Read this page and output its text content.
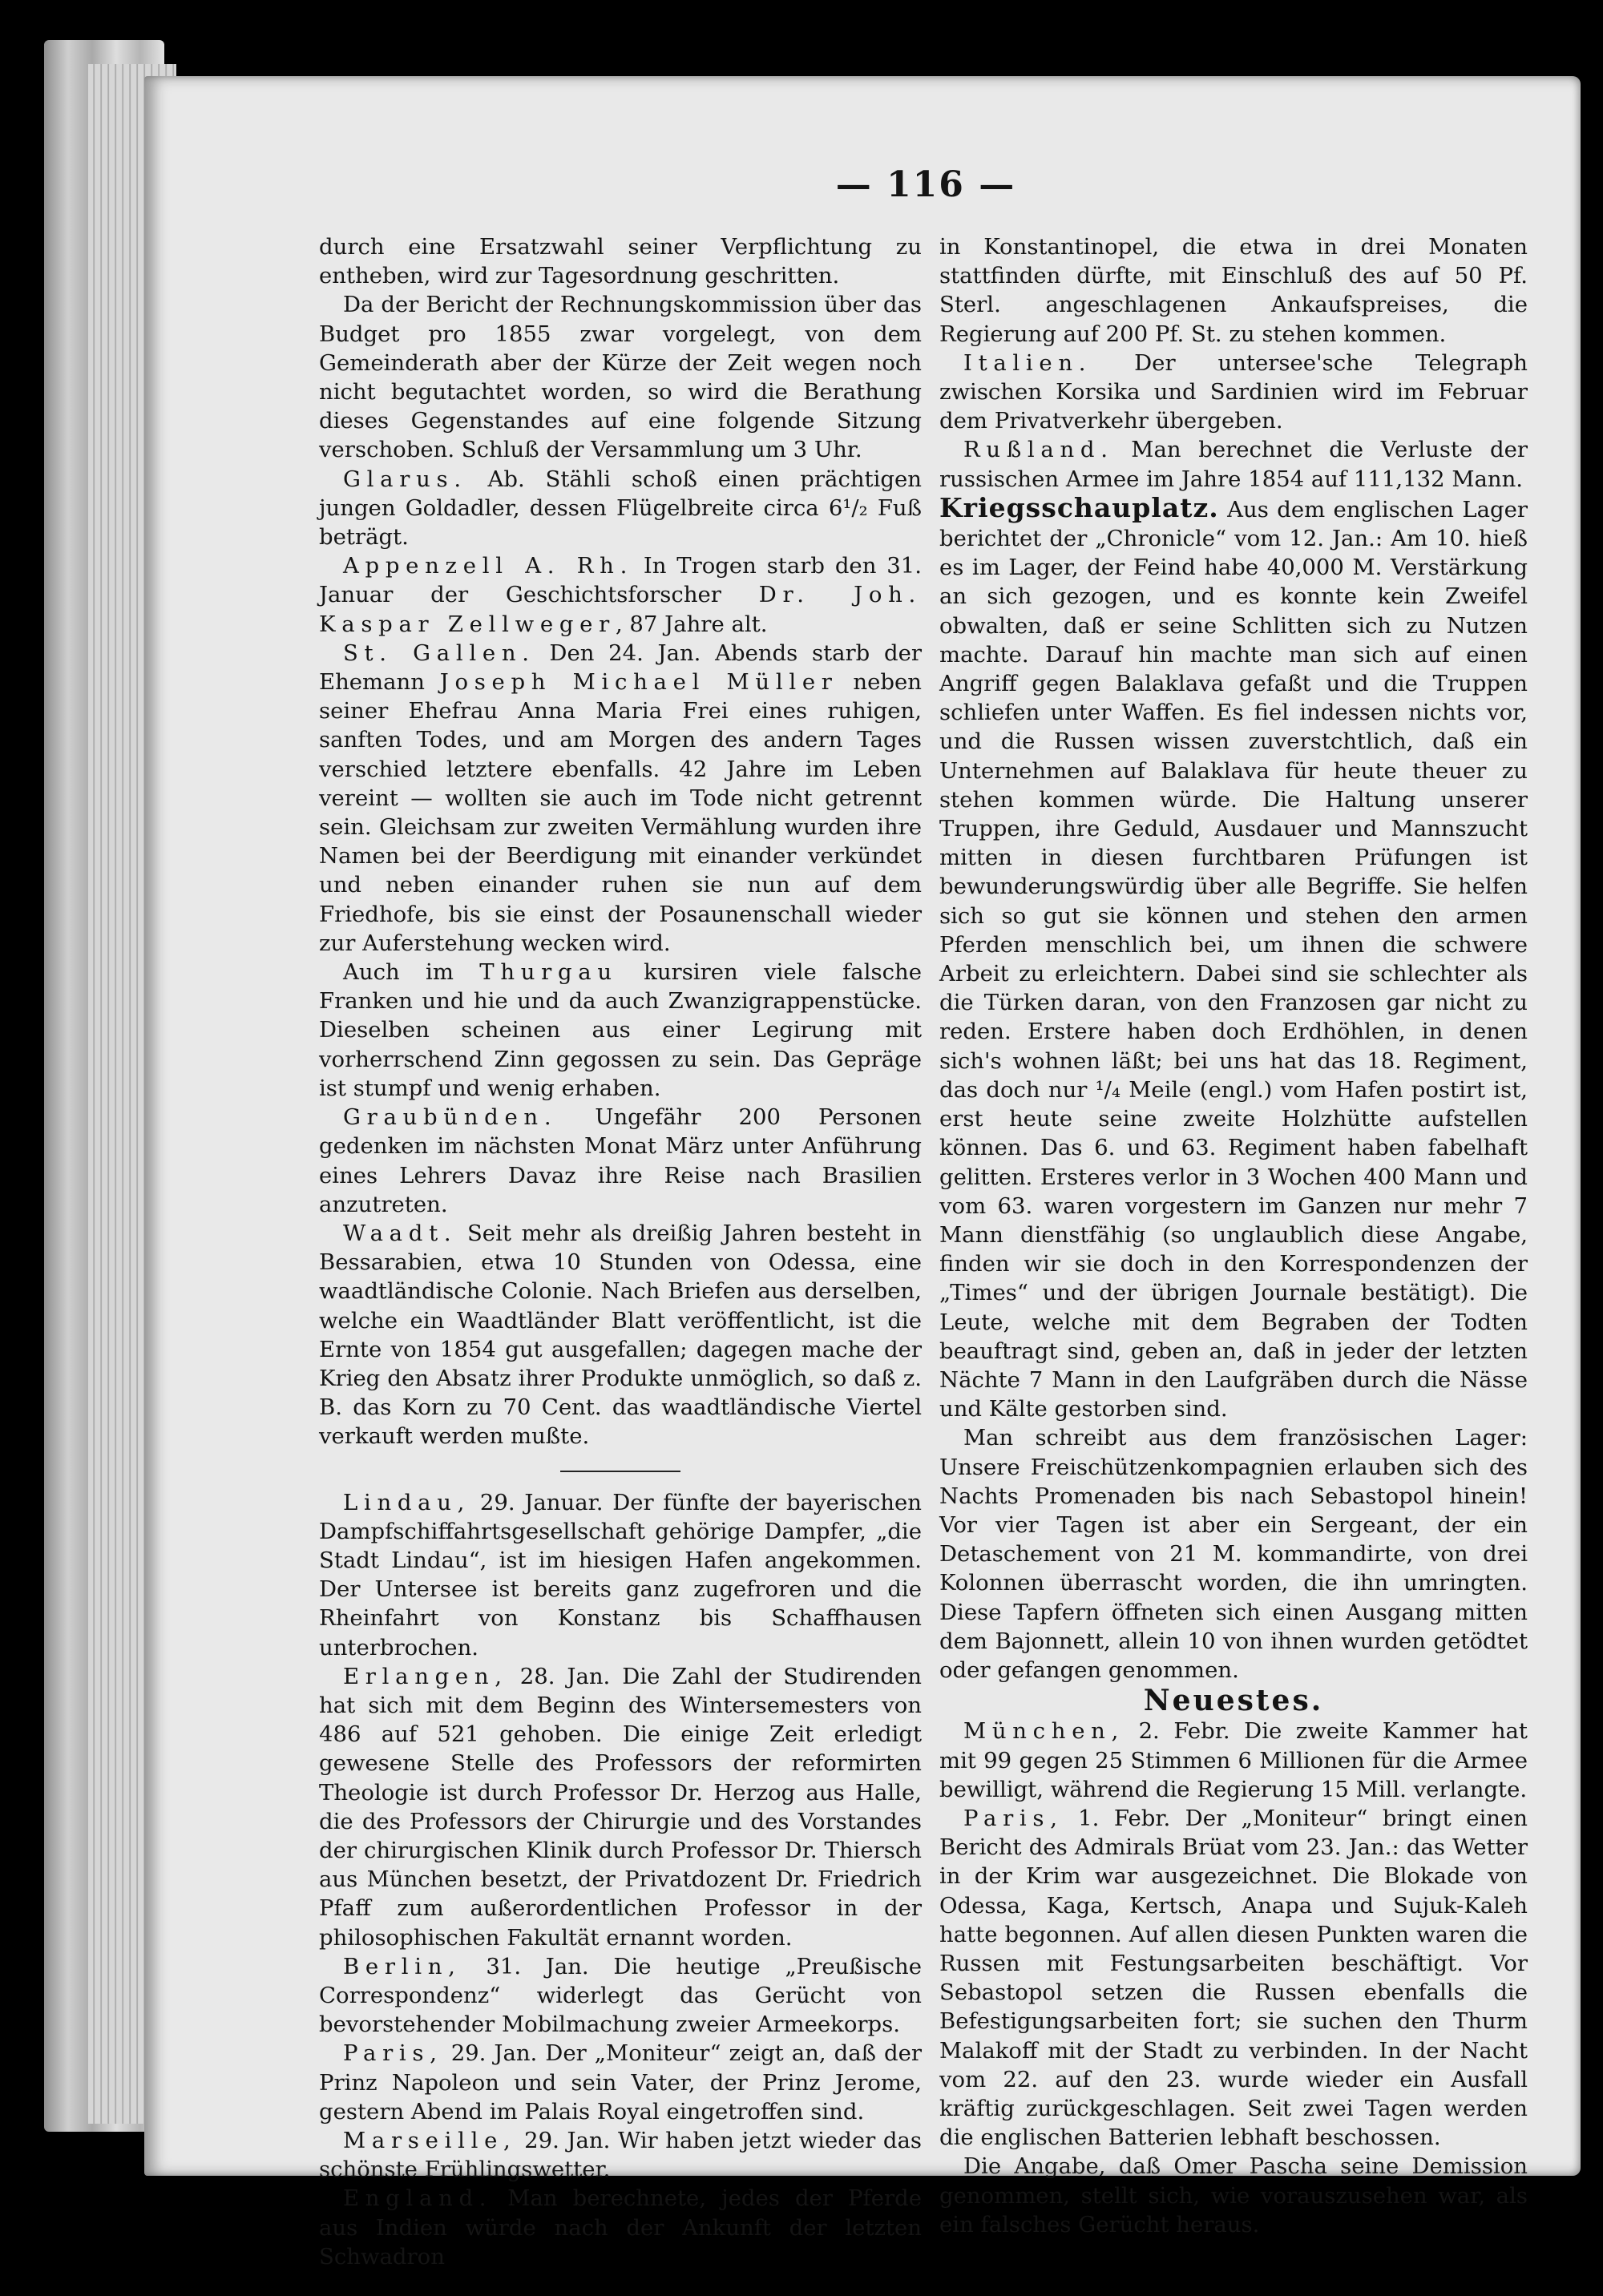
— 116 —

durch eine Ersatzwahl seiner Verpflichtung zu entheben, wird zur Tagesordnung geschritten.

Da der Bericht der Rechnungskommission über das Budget pro 1855 zwar vorgelegt, von dem Gemeinderath aber der Kürze der Zeit wegen noch nicht begutachtet worden, so wird die Berathung dieses Gegenstandes auf eine folgende Sitzung verschoben. Schluß der Versammlung um 3 Uhr.

Glarus. Ab. Stähli schoß einen prächtigen jungen Goldadler, dessen Flügelbreite circa 6¹/₂ Fuß beträgt.

Appenzell A. Rh. In Trogen starb den 31. Januar der Geschichtsforscher Dr. Joh. Kaspar Zellweger, 87 Jahre alt.

St. Gallen. Den 24. Jan. Abends starb der Ehemann Joseph Michael Müller neben seiner Ehefrau Anna Maria Frei eines ruhigen, sanften Todes, und am Morgen des andern Tages verschied letztere ebenfalls. 42 Jahre im Leben vereint — wollten sie auch im Tode nicht getrennt sein. Gleichsam zur zweiten Vermählung wurden ihre Namen bei der Beerdigung mit einander verkündet und neben einander ruhen sie nun auf dem Friedhofe, bis sie einst der Posaunenschall wieder zur Auferstehung wecken wird.

Auch im Thurgau kursiren viele falsche Franken und hie und da auch Zwanzigrappenstücke. Dieselben scheinen aus einer Legirung mit vorherrschend Zinn gegossen zu sein. Das Gepräge ist stumpf und wenig erhaben.

Graubünden. Ungefähr 200 Personen gedenken im nächsten Monat März unter Anführung eines Lehrers Davaz ihre Reise nach Brasilien anzutreten.

Waadt. Seit mehr als dreißig Jahren besteht in Bessarabien, etwa 10 Stunden von Odessa, eine waadtländische Colonie. Nach Briefen aus derselben, welche ein Waadtländer Blatt veröffentlicht, ist die Ernte von 1854 gut ausgefallen; dagegen mache der Krieg den Absatz ihrer Produkte unmöglich, so daß z. B. das Korn zu 70 Cent. das waadtländische Viertel verkauft werden mußte.

Lindau, 29. Januar. Der fünfte der bayerischen Dampfschiffahrtsgesellschaft gehörige Dampfer, „die Stadt Lindau“, ist im hiesigen Hafen angekommen. Der Untersee ist bereits ganz zugefroren und die Rheinfahrt von Konstanz bis Schaffhausen unterbrochen.

Erlangen, 28. Jan. Die Zahl der Studirenden hat sich mit dem Beginn des Wintersemesters von 486 auf 521 gehoben. Die einige Zeit erledigt gewesene Stelle des Professors der reformirten Theologie ist durch Professor Dr. Herzog aus Halle, die des Professors der Chirurgie und des Vorstandes der chirurgischen Klinik durch Professor Dr. Thiersch aus München besetzt, der Privatdozent Dr. Friedrich Pfaff zum außerordentlichen Professor in der philosophischen Fakultät ernannt worden.

Berlin, 31. Jan. Die heutige „Preußische Correspondenz“ widerlegt das Gerücht von bevorstehender Mobilmachung zweier Armeekorps.

Paris, 29. Jan. Der „Moniteur“ zeigt an, daß der Prinz Napoleon und sein Vater, der Prinz Jerome, gestern Abend im Palais Royal eingetroffen sind.

Marseille, 29. Jan. Wir haben jetzt wieder das schönste Frühlingswetter.

England. Man berechnete, jedes der Pferde aus Indien würde nach der Ankunft der letzten Schwadron

in Konstantinopel, die etwa in drei Monaten stattfinden dürfte, mit Einschluß des auf 50 Pf. Sterl. angeschlagenen Ankaufspreises, die Regierung auf 200 Pf. St. zu stehen kommen.

Italien. Der untersee'sche Telegraph zwischen Korsika und Sardinien wird im Februar dem Privatverkehr übergeben.

Rußland. Man berechnet die Verluste der russischen Armee im Jahre 1854 auf 111,132 Mann.

Kriegsschauplatz. Aus dem englischen Lager berichtet der „Chronicle“ vom 12. Jan.: Am 10. hieß es im Lager, der Feind habe 40,000 M. Verstärkung an sich gezogen, und es konnte kein Zweifel obwalten, daß er seine Schlitten sich zu Nutzen machte. Darauf hin machte man sich auf einen Angriff gegen Balaklava gefaßt und die Truppen schliefen unter Waffen. Es fiel indessen nichts vor, und die Russen wissen zuverstchtlich, daß ein Unternehmen auf Balaklava für heute theuer zu stehen kommen würde. Die Haltung unserer Truppen, ihre Geduld, Ausdauer und Mannszucht mitten in diesen furchtbaren Prüfungen ist bewunderungswürdig über alle Begriffe. Sie helfen sich so gut sie können und stehen den armen Pferden menschlich bei, um ihnen die schwere Arbeit zu erleichtern. Dabei sind sie schlechter als die Türken daran, von den Franzosen gar nicht zu reden. Erstere haben doch Erdhöhlen, in denen sich's wohnen läßt; bei uns hat das 18. Regiment, das doch nur ¹/₄ Meile (engl.) vom Hafen postirt ist, erst heute seine zweite Holzhütte aufstellen können. Das 6. und 63. Regiment haben fabelhaft gelitten. Ersteres verlor in 3 Wochen 400 Mann und vom 63. waren vorgestern im Ganzen nur mehr 7 Mann dienstfähig (so unglaublich diese Angabe, finden wir sie doch in den Korrespondenzen der „Times“ und der übrigen Journale bestätigt). Die Leute, welche mit dem Begraben der Todten beauftragt sind, geben an, daß in jeder der letzten Nächte 7 Mann in den Laufgräben durch die Nässe und Kälte gestorben sind.

Man schreibt aus dem französischen Lager: Unsere Freischützenkompagnien erlauben sich des Nachts Promenaden bis nach Sebastopol hinein! Vor vier Tagen ist aber ein Sergeant, der ein Detaschement von 21 M. kommandirte, von drei Kolonnen überrascht worden, die ihn umringten. Diese Tapfern öffneten sich einen Ausgang mitten dem Bajonnett, allein 10 von ihnen wurden getödtet oder gefangen genommen.

Neuestes.

München, 2. Febr. Die zweite Kammer hat mit 99 gegen 25 Stimmen 6 Millionen für die Armee bewilligt, während die Regierung 15 Mill. verlangte.

Paris, 1. Febr. Der „Moniteur“ bringt einen Bericht des Admirals Brüat vom 23. Jan.: das Wetter in der Krim war ausgezeichnet. Die Blokade von Odessa, Kaga, Kertsch, Anapa und Sujuk-Kaleh hatte begonnen. Auf allen diesen Punkten waren die Russen mit Festungsarbeiten beschäftigt. Vor Sebastopol setzen die Russen ebenfalls die Befestigungsarbeiten fort; sie suchen den Thurm Malakoff mit der Stadt zu verbinden. In der Nacht vom 22. auf den 23. wurde wieder ein Ausfall kräftig zurückgeschlagen. Seit zwei Tagen werden die englischen Batterien lebhaft beschossen.

Die Angabe, daß Omer Pascha seine Demission genommen, stellt sich, wie vorauszusehen war, als ein falsches Gerücht heraus.
